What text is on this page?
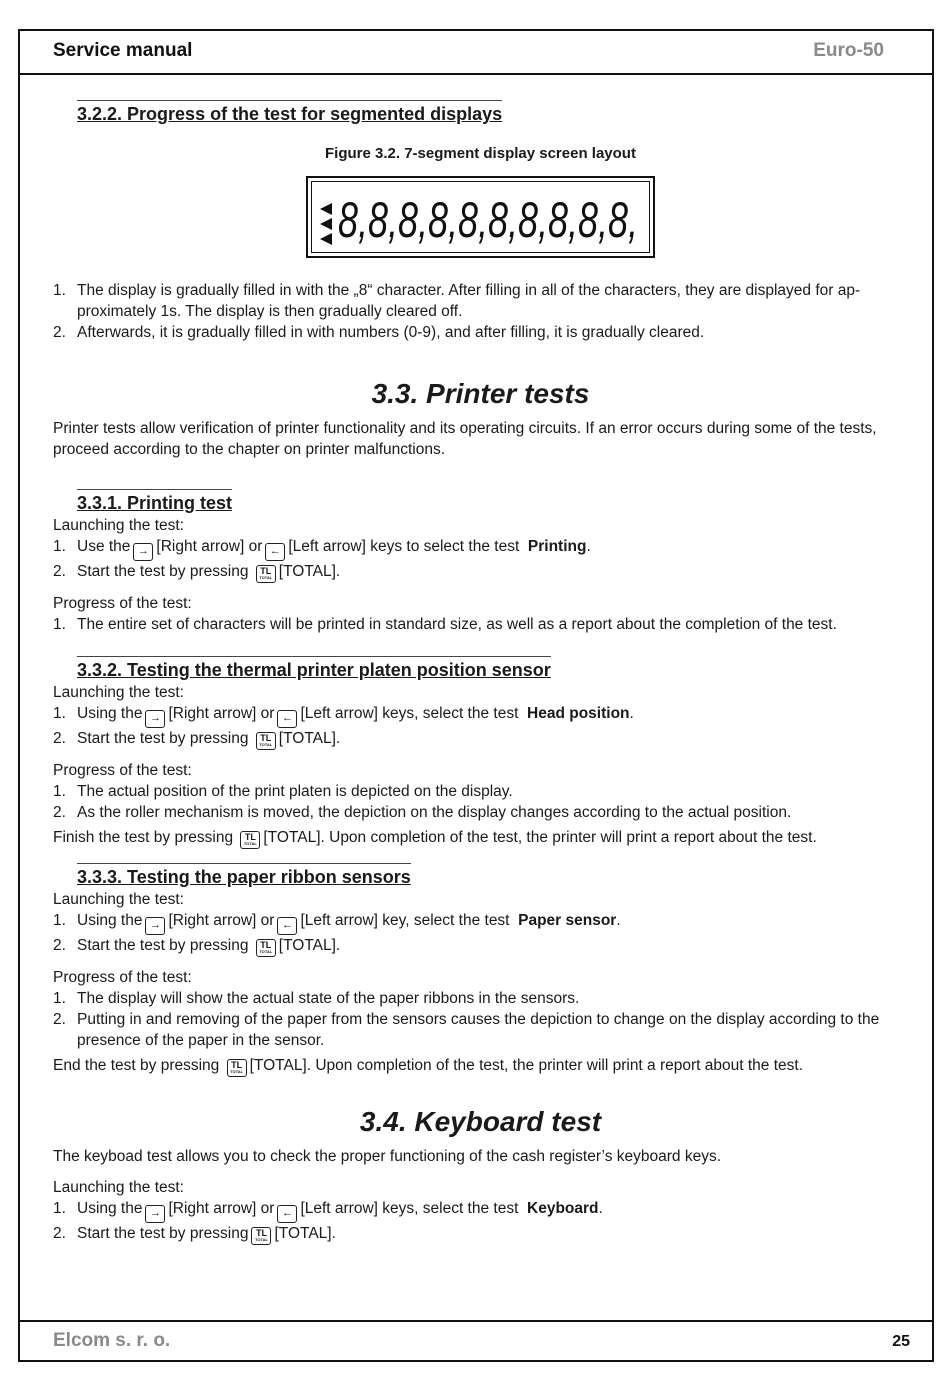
Service manual	Euro-50
Elcom s. r. o.	25
3.2.2. Progress of the test for segmented displays
Figure 3.2. 7-segment display screen layout
8,8,8,8,8,8,8,8,8,8,
1. The display is gradually filled in with the „8“ character. After filling in all of the characters, they are displayed for ap-proximately 1s. The display is then gradually cleared off.
2. Afterwards, it is gradually filled in with numbers (0-9), and after filling, it is gradually cleared.
3.3. Printer tests

Printer tests allow verification of printer functionality and its operating circuits. If an error occurs during some of the tests, proceed according to the chapter on printer malfunctions.

3.3.1. Printing test

Launching the test:

1. Use the → [Right arrow] or ← [Left arrow] keys to select the test Printing.
2. Start the test by pressing TL
TOTAL [TOTAL].

Progress of the test:

1. The entire set of characters will be printed in standard size, as well as a report about the completion of the test.
3.3.2. Testing the thermal printer platen position sensor

Launching the test:

1. Using the → [Right arrow] or ← [Left arrow] keys, select the test Head position.
2. Start the test by pressing TL
TOTAL [TOTAL].

Progress of the test:

1. The actual position of the print platen is depicted on the display.
2. As the roller mechanism is moved, the depiction on the display changes according to the actual position.

Finish the test by pressing TL
TOTAL [TOTAL]. Upon completion of the test, the printer will print a report about the test.

3.3.3. Testing the paper ribbon sensors

Launching the test:

1. Using the → [Right arrow] or ← [Left arrow] key, select the test Paper sensor.
2. Start the test by pressing TL
TOTAL [TOTAL].

Progress of the test:

1. The display will show the actual state of the paper ribbons in the sensors.
2. Putting in and removing of the paper from the sensors causes the depiction to change on the display according to the presence of the paper in the sensor.

End the test by pressing TL
TOTAL [TOTAL]. Upon completion of the test, the printer will print a report about the test.

3.4. Keyboard test

The keyboad test allows you to check the proper functioning of the cash register’s keyboard keys.

Launching the test:

1. Using the → [Right arrow] or ← [Left arrow] keys, select the test Keyboard.
2. Start the test by pressing TL
TOTAL [TOTAL].
